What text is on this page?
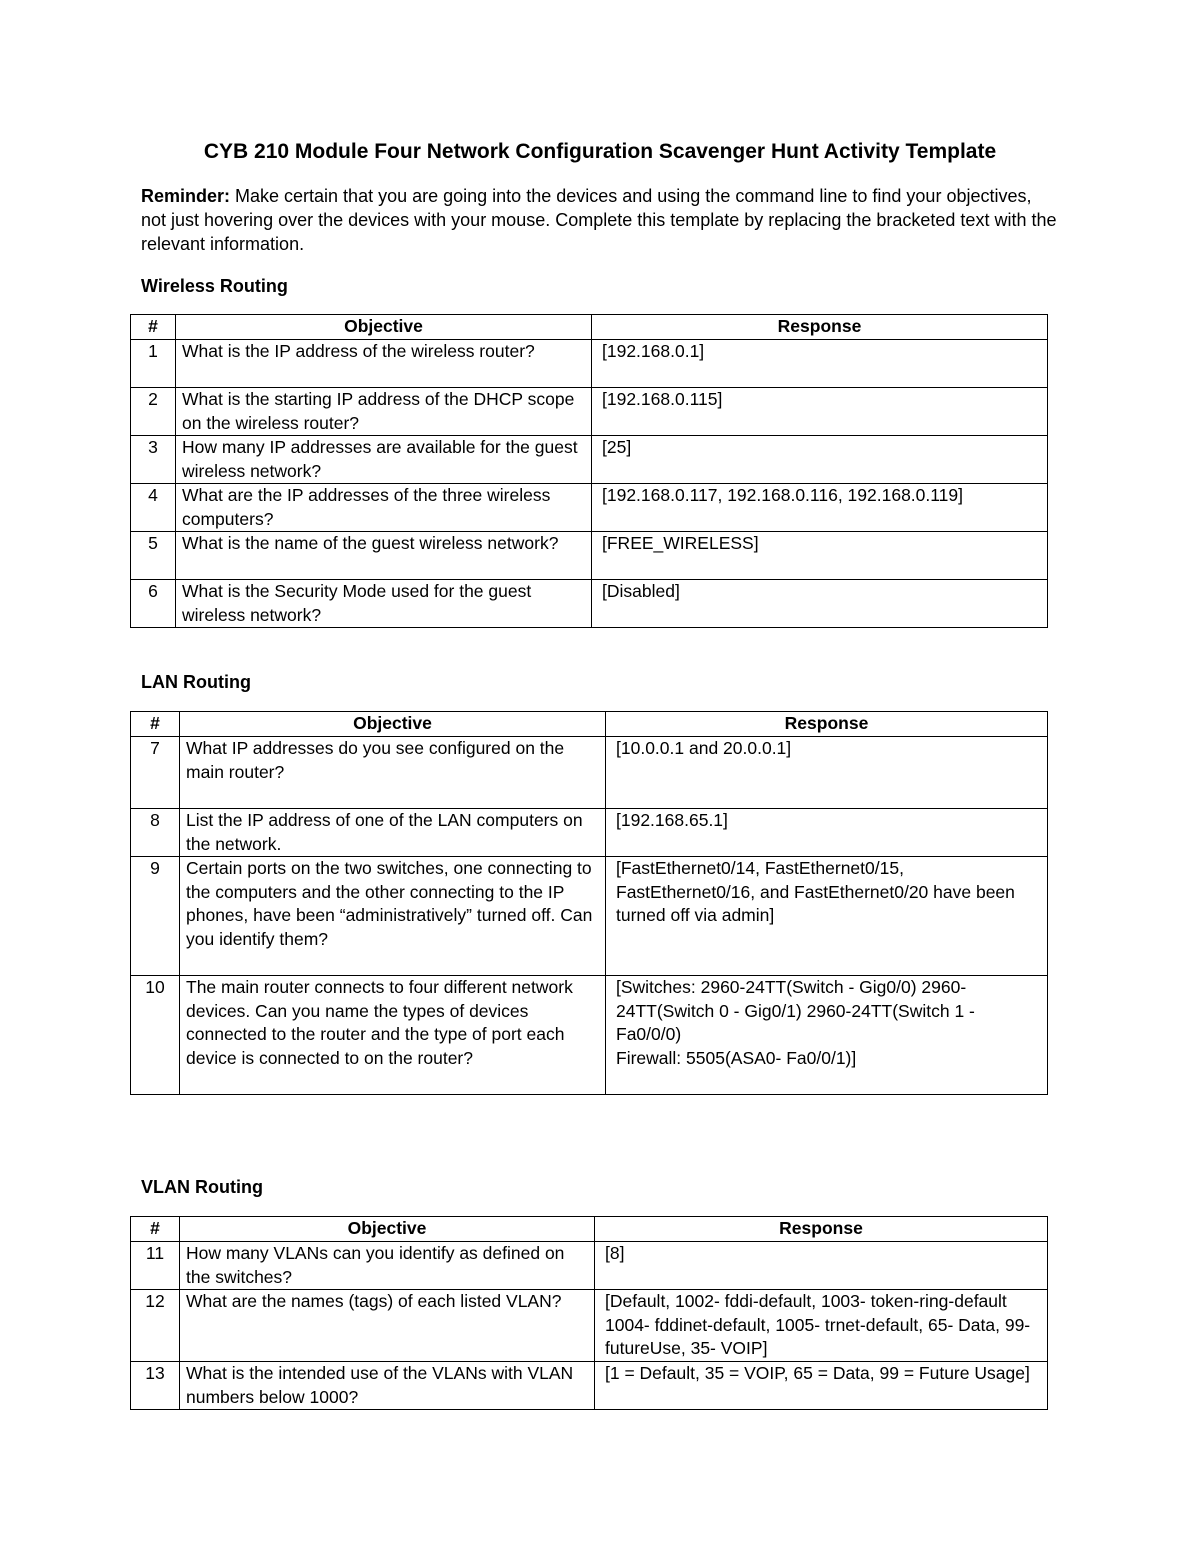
CYB 210 Module Four Network Configuration Scavenger Hunt Activity Template
Reminder: Make certain that you are going into the devices and using the command line to find your objectives, not just hovering over the devices with your mouse. Complete this template by replacing the bracketed text with the relevant information.
Wireless Routing
#	Objective	Response
1	What is the IP address of the wireless router?	[192.168.0.1]
2	What is the starting IP address of the DHCP scope on the wireless router?	[192.168.0.115]
3	How many IP addresses are available for the guest wireless network?	[25]
4	What are the IP addresses of the three wireless computers?	[192.168.0.117, 192.168.0.116, 192.168.0.119]
5	What is the name of the guest wireless network?	[FREE_WIRELESS]
6	What is the Security Mode used for the guest wireless network?	[Disabled]
LAN Routing
#	Objective	Response
7	What IP addresses do you see configured on the main router?	[10.0.0.1 and 20.0.0.1]
8	List the IP address of one of the LAN computers on the network.	[192.168.65.1]
9	Certain ports on the two switches, one connecting to the computers and the other connecting to the IP phones, have been “administratively” turned off. Can you identify them?	[FastEthernet0/14, FastEthernet0/15, FastEthernet0/16, and FastEthernet0/20 have been turned off via admin]
10	The main router connects to four different network devices. Can you name the types of devices connected to the router and the type of port each device is connected to on the router?	[Switches: 2960-24TT(Switch - Gig0/0) 2960-24TT(Switch 0 - Gig0/1) 2960-24TT(Switch 1 - Fa0/0/0)
Firewall: 5505(ASA0- Fa0/0/1)]
VLAN Routing
#	Objective	Response
11	How many VLANs can you identify as defined on the switches?	[8]
12	What are the names (tags) of each listed VLAN?	[Default, 1002- fddi-default, 1003- token-ring-default 1004- fddinet-default, 1005- trnet-default, 65- Data, 99- futureUse, 35- VOIP]
13	What is the intended use of the VLANs with VLAN numbers below 1000?	[1 = Default, 35 = VOIP, 65 = Data, 99 = Future Usage]
